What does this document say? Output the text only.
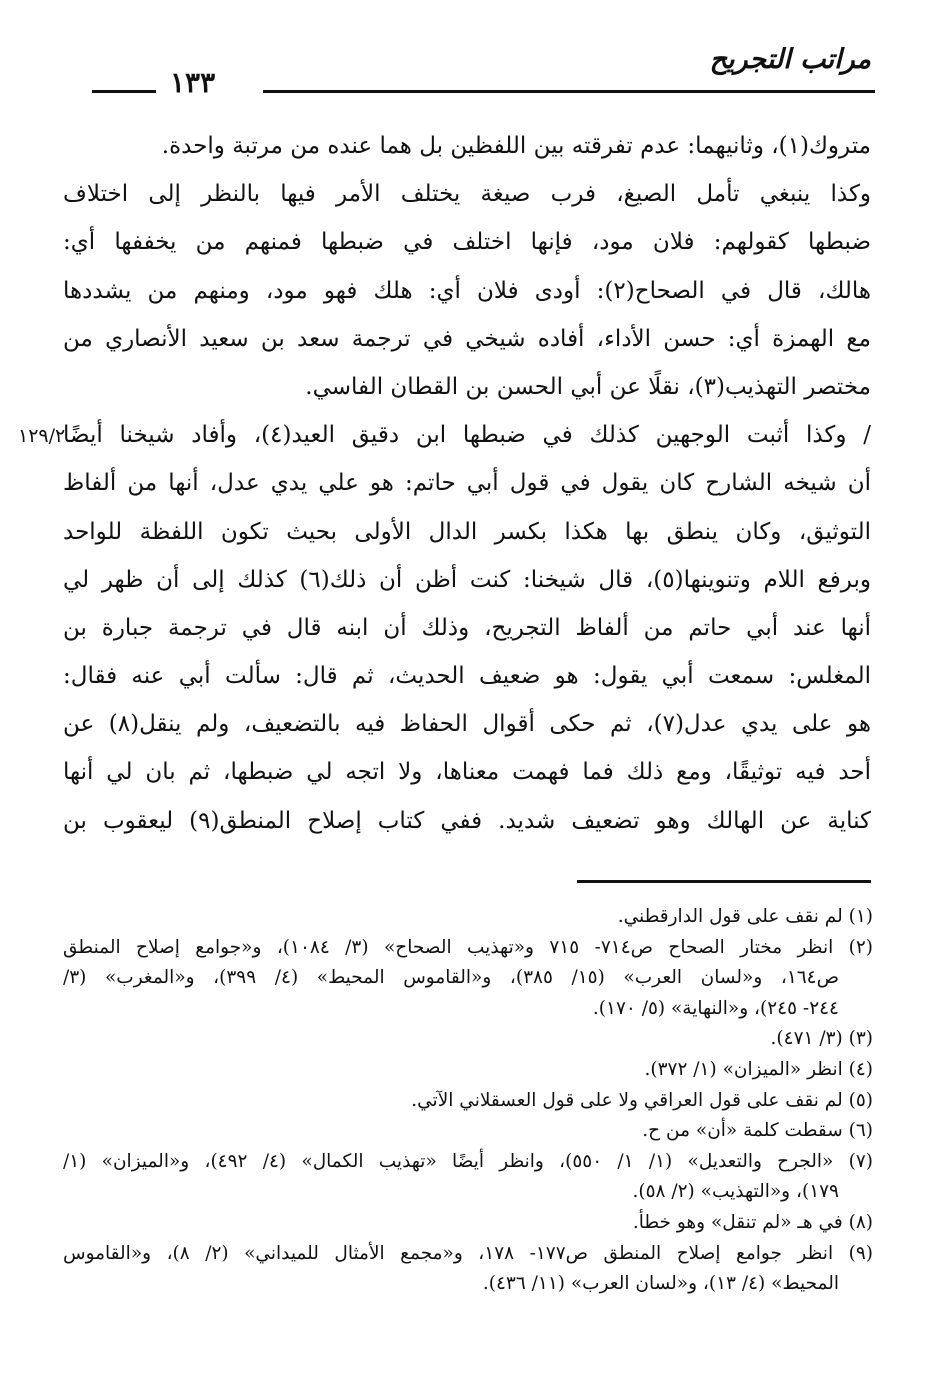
مراتب التجريح
١٣٣
متروك(١)، وثانيهما: عدم تفرقته بين اللفظين بل هما عنده من مرتبة واحدة.
وكذا ينبغي تأمل الصيغ، فرب صيغة يختلف الأمر فيها بالنظر إلى اختلاف
ضبطها كقولهم: فلان مود، فإنها اختلف في ضبطها فمنهم من يخففها أي:
هالك، قال في الصحاح(٢): أودى فلان أي: هلك فهو مود، ومنهم من يشددها
مع الهمزة أي: حسن الأداء، أفاده شيخي في ترجمة سعد بن سعيد الأنصاري من
مختصر التهذيب(٣)، نقلًا عن أبي الحسن بن القطان الفاسي.
/ وكذا أثبت الوجهين كذلك في ضبطها ابن دقيق العيد(٤)، وأفاد شيخنا أيضًا
أن شيخه الشارح كان يقول في قول أبي حاتم: هو علي يدي عدل، أنها من ألفاظ
التوثيق، وكان ينطق بها هكذا بكسر الدال الأولى بحيث تكون اللفظة للواحد
وبرفع اللام وتنوينها(٥)، قال شيخنا: كنت أظن أن ذلك(٦) كذلك إلى أن ظهر لي
أنها عند أبي حاتم من ألفاظ التجريح، وذلك أن ابنه قال في ترجمة جبارة بن
المغلس: سمعت أبي يقول: هو ضعيف الحديث، ثم قال: سألت أبي عنه فقال:
هو على يدي عدل(٧)، ثم حكى أقوال الحفاظ فيه بالتضعيف، ولم ينقل(٨) عن
أحد فيه توثيقًا، ومع ذلك فما فهمت معناها، ولا اتجه لي ضبطها، ثم بان لي أنها
كناية عن الهالك وهو تضعيف شديد. ففي كتاب إصلاح المنطق(٩) ليعقوب بن
١٢٩/٢
(١) لم نقف على قول الدارقطني.
(٢) انظر مختار الصحاح ص٧١٤- ٧١٥ و«تهذيب الصحاح» (٣/ ١٠٨٤)، و«جوامع إصلاح المنطق
ص١٦٤، و«لسان العرب» (١٥/ ٣٨٥)، و«القاموس المحيط» (٤/ ٣٩٩)، و«المغرب» (٣/
٢٤٤- ٢٤٥)، و«النهاية» (٥/ ١٧٠).
(٣) (٣/ ٤٧١).
(٤) انظر «الميزان» (١/ ٣٧٢).
(٥) لم نقف على قول العراقي ولا على قول العسقلاني الآتي.
(٦) سقطت كلمة «أن» من ح.
(٧) «الجرح والتعديل» (١/ ١/ ٥٥٠)، وانظر أيضًا «تهذيب الكمال» (٤/ ٤٩٢)، و«الميزان» (١/
١٧٩)، و«التهذيب» (٢/ ٥٨).
(٨) في هـ «لم تنقل» وهو خطأ.
(٩) انظر جوامع إصلاح المنطق ص١٧٧- ١٧٨، و«مجمع الأمثال للميداني» (٢/ ٨)، و«القاموس
المحيط» (٤/ ١٣)، و«لسان العرب» (١١/ ٤٣٦).
